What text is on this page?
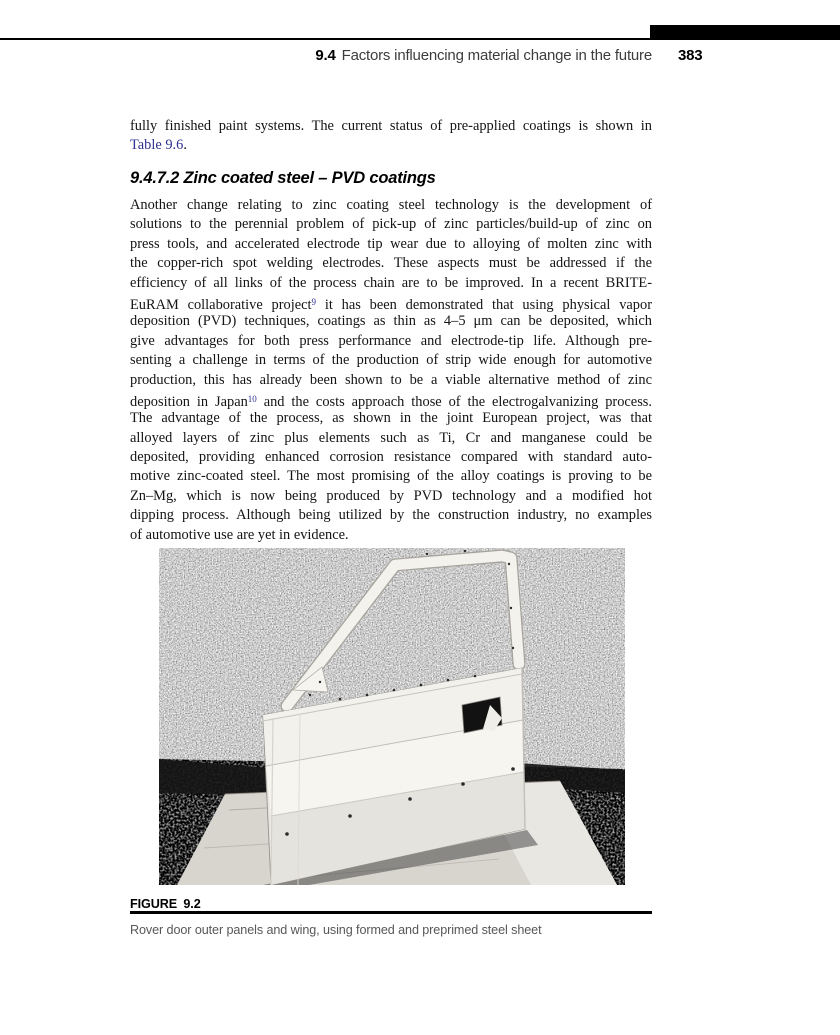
9.4 Factors influencing material change in the future 383
fully finished paint systems. The current status of pre-applied coatings is shown in
Table 9.6.
9.4.7.2 Zinc coated steel – PVD coatings
Another change relating to zinc coating steel technology is the development of
solutions to the perennial problem of pick-up of zinc particles/build-up of zinc on
press tools, and accelerated electrode tip wear due to alloying of molten zinc with
the copper-rich spot welding electrodes. These aspects must be addressed if the
efficiency of all links of the process chain are to be improved. In a recent BRITE-
EuRAM collaborative project$^9$ it has been demonstrated that using physical vapor
deposition (PVD) techniques, coatings as thin as 4–5 μm can be deposited, which
give advantages for both press performance and electrode-tip life. Although pre-
senting a challenge in terms of the production of strip wide enough for automotive
production, this has already been shown to be a viable alternative method of zinc
deposition in Japan$^{10}$ and the costs approach those of the electrogalvanizing process.
The advantage of the process, as shown in the joint European project, was that
alloyed layers of zinc plus elements such as Ti, Cr and manganese could be
deposited, providing enhanced corrosion resistance compared with standard auto-
motive zinc-coated steel. The most promising of the alloy coatings is proving to be
Zn–Mg, which is now being produced by PVD technology and a modified hot
dipping process. Although being utilized by the construction industry, no examples
of automotive use are yet in evidence.
FIGURE 9.2
Rover door outer panels and wing, using formed and preprimed steel sheet
